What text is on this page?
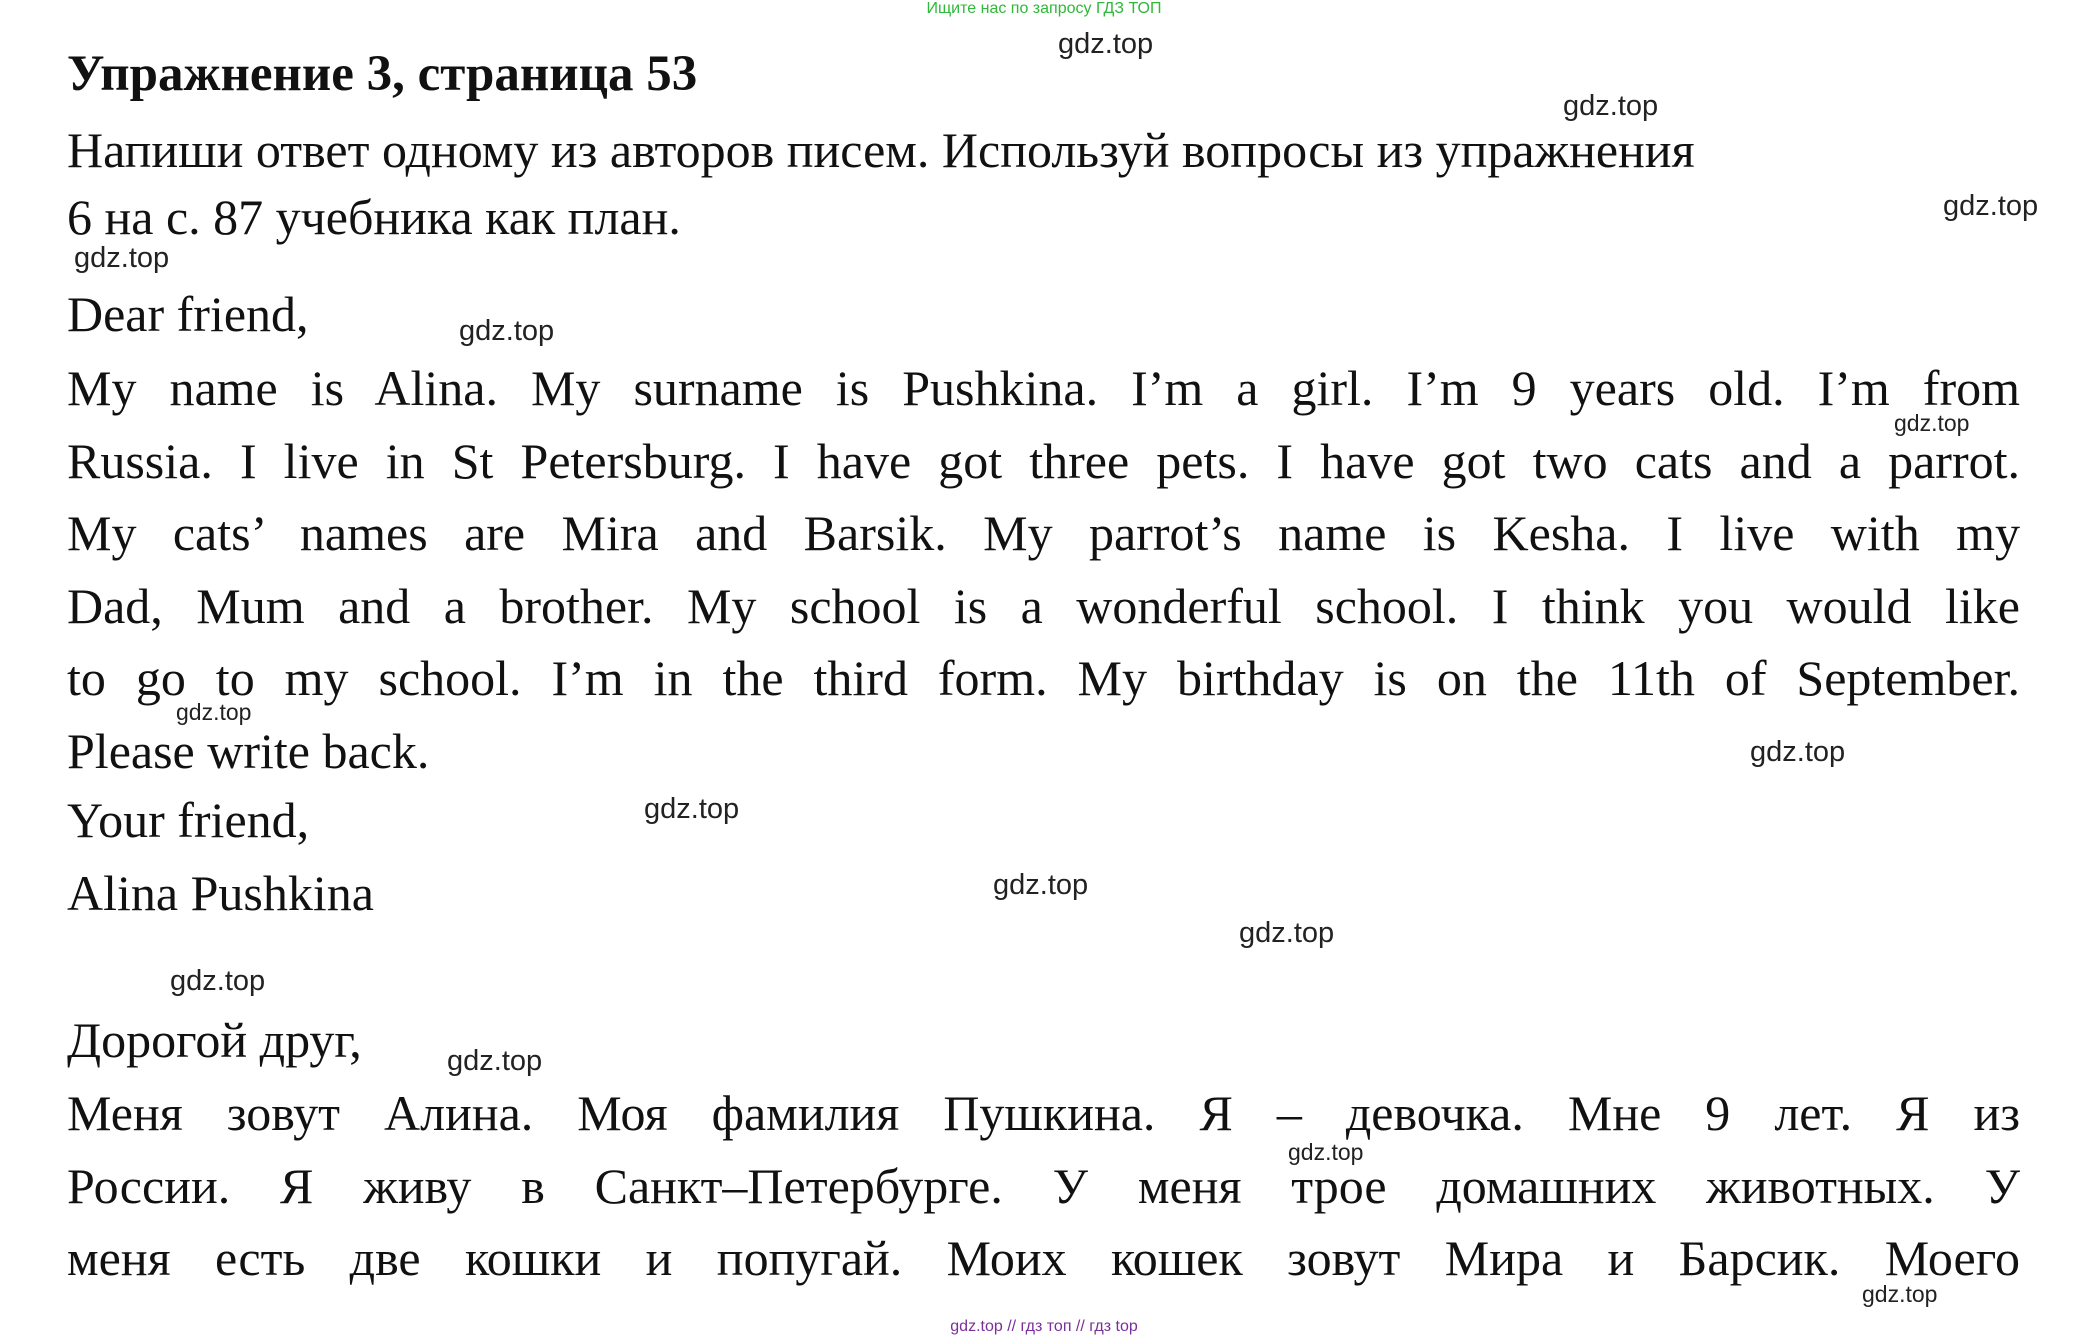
Ищите нас по запросу ГДЗ ТОП
Упражнение 3, страница 53
Напиши ответ одному из авторов писем. Используй вопросы из упражнения
6 на с. 87 учебника как план.
Dear friend,
My name is Alina. My surname is Pushkina. I’m a girl. I’m 9 years old. I’m from
Russia. I live in St Petersburg. I have got three pets. I have got two cats and a parrot.
My cats’ names are Mira and Barsik. My parrot’s name is Kesha. I live with my
Dad, Mum and a brother. My school is a wonderful school. I think you would like
to go to my school. I’m in the third form. My birthday is on the 11th of September.
Please write back.
Your friend,
Alina Pushkina
Дорогой друг,
Меня зовут Алина. Моя фамилия Пушкина. Я – девочка. Мне 9 лет. Я из
России. Я живу в Санкт–Петербурге. У меня трое домашних животных. У
меня есть две кошки и попугай. Моих кошек зовут Мира и Барсик. Моего
gdz.top
gdz.top
gdz.top
gdz.top
gdz.top
gdz.top
gdz.top
gdz.top
gdz.top
gdz.top
gdz.top
gdz.top
gdz.top
gdz.top
gdz.top
gdz.top // гдз топ // гдз top
